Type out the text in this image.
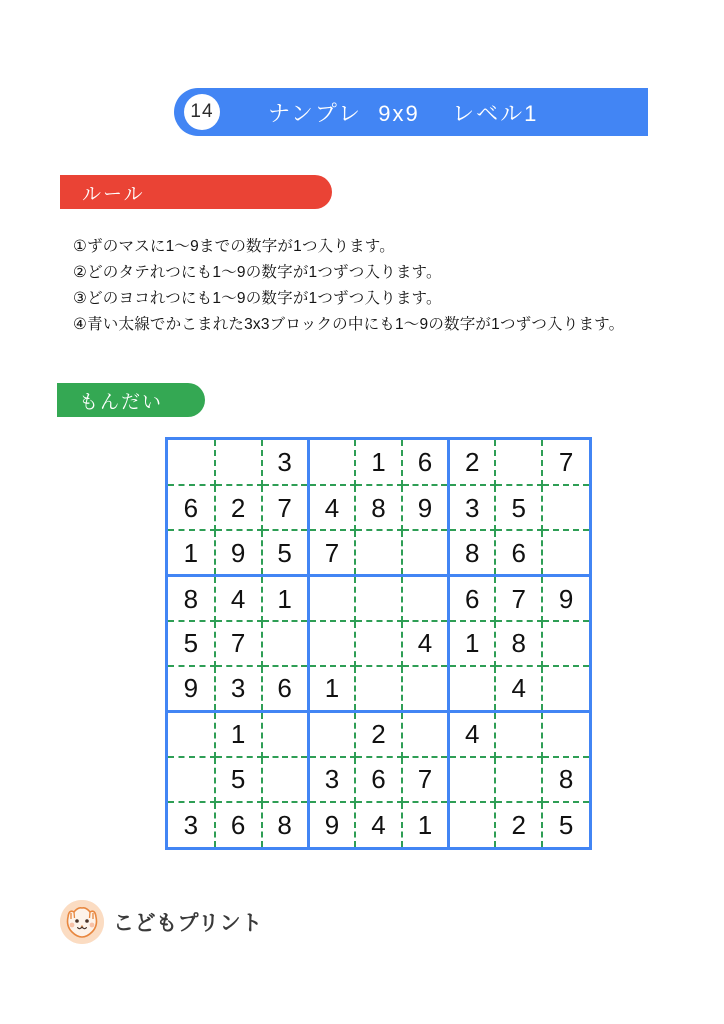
14 ナンプレ  9x9    レベル1
ルール
①ずのマスに1～9までの数字が1つ入ります。
②どのタテれつにも1～9の数字が1つずつ入ります。
③どのヨコれつにも1～9の数字が1つずつ入ります。
④青い太線でかこまれた3x3ブロックの中にも1～9の数字が1つずつ入ります。
もんだい
		3		1	6	2		7
6	2	7	4	8	9	3	5	
1	9	5	7			8	6	
8	4	1				6	7	9
5	7				4	1	8	
9	3	6	1				4	
	1			2		4		
	5		3	6	7			8
3	6	8	9	4	1		2	5
こどもプリント
